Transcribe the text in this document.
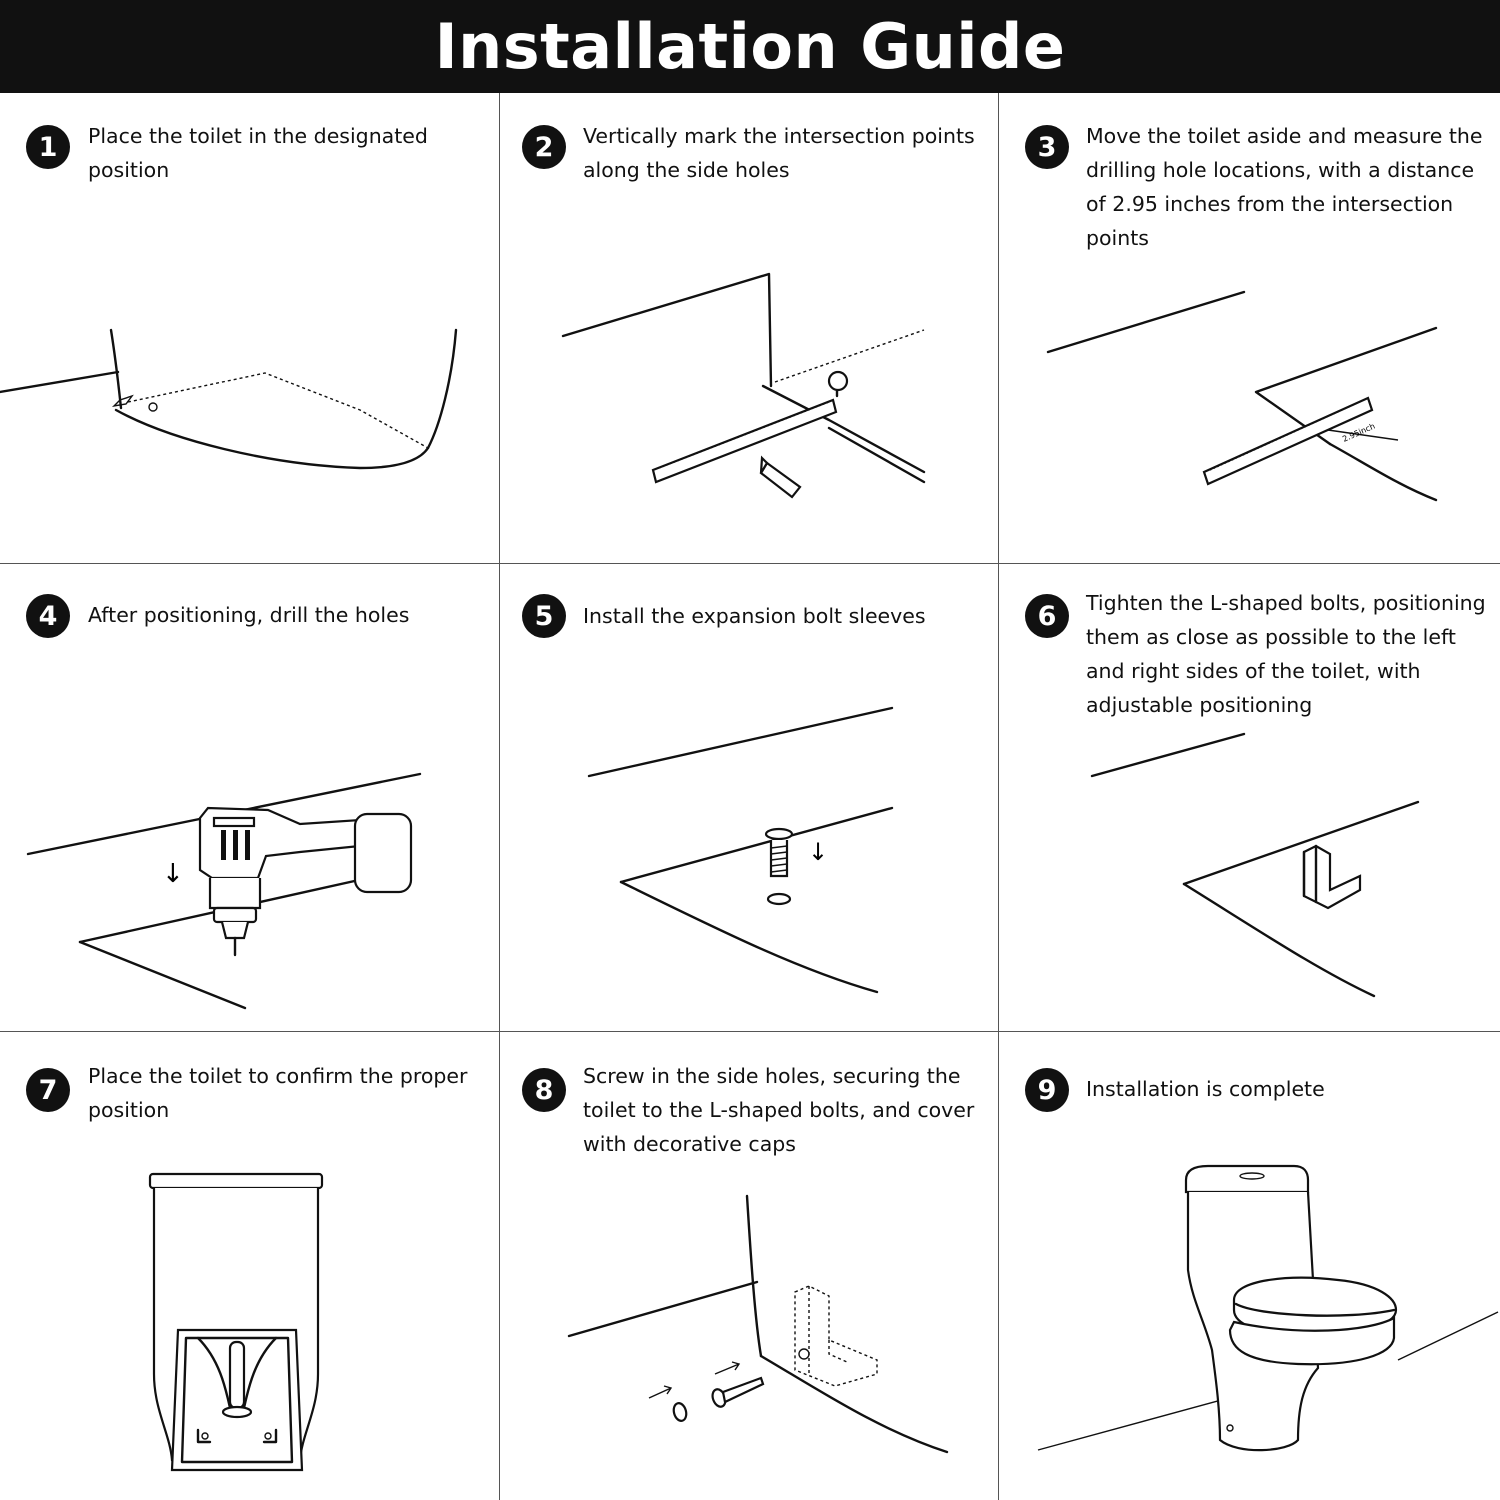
Installation Guide
1	Place the toilet in the designated position
2	Vertically mark the intersection points along the side holes
3	Move the toilet aside and measure the drilling hole locations, with a distance of 2.95 inches from the intersection points
2.95inch
4	After positioning, drill the holes
↓
5	Install the expansion bolt sleeves
↓
6	Tighten the L-shaped bolts, positioning them as close as possible to the left and right sides of the toilet, with adjustable positioning
7	Place the toilet to confirm the proper position
8	Screw in the side holes, securing the toilet to the L-shaped bolts, and cover with decorative caps
9	Installation is complete
